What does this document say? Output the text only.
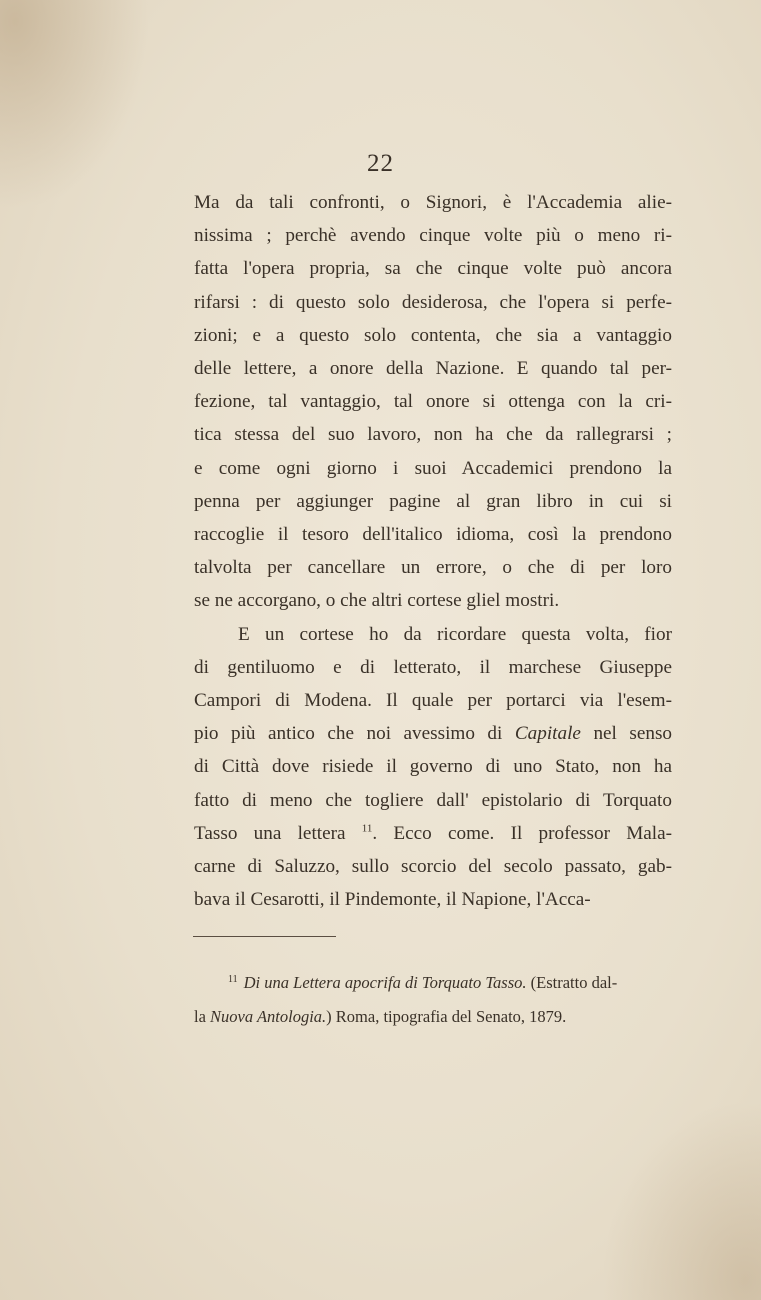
22
Ma da tali confronti, o Signori, è l'Accademia alie-
nissima ; perchè avendo cinque volte più o meno ri-
fatta l'opera propria, sa che cinque volte può ancora
rifarsi : di questo solo desiderosa, che l'opera si perfe-
zioni; e a questo solo contenta, che sia a vantaggio
delle lettere, a onore della Nazione. E quando tal per-
fezione, tal vantaggio, tal onore si ottenga con la cri-
tica stessa del suo lavoro, non ha che da rallegrarsi ;
e come ogni giorno i suoi Accademici prendono la
penna per aggiunger pagine al gran libro in cui si
raccoglie il tesoro dell'italico idioma, così la prendono
talvolta per cancellare un errore, o che di per loro
se ne accorgano, o che altri cortese gliel mostri.
E un cortese ho da ricordare questa volta, fior
di gentiluomo e di letterato, il marchese Giuseppe
Campori di Modena. Il quale per portarci via l'esem-
pio più antico che noi avessimo di Capitale nel senso
di Città dove risiede il governo di uno Stato, non ha
fatto di meno che togliere dall' epistolario di Torquato
Tasso una lettera $^{11}$. Ecco come. Il professor Mala-
carne di Saluzzo, sullo scorcio del secolo passato, gab-
bava il Cesarotti, il Pindemonte, il Napione, l'Acca-
$^{11}$ Di una Lettera apocrifa di Torquato Tasso. (Estratto dal-
la Nuova Antologia.) Roma, tipografia del Senato, 1879.
